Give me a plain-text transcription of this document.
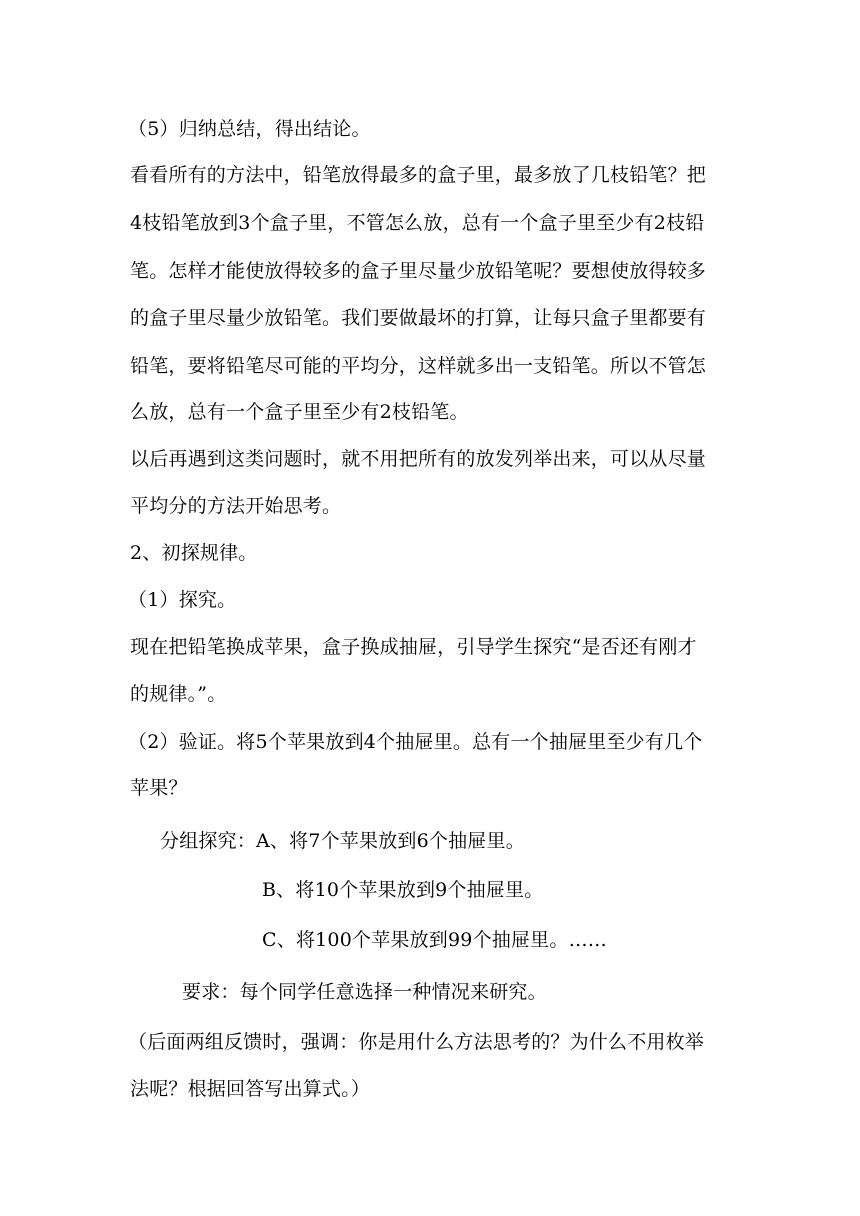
（5）归纳总结，得出结论。
看看所有的方法中，铅笔放得最多的盒子里，最多放了几枝铅笔？把
4枝铅笔放到3个盒子里，不管怎么放，总有一个盒子里至少有2枝铅
笔。怎样才能使放得较多的盒子里尽量少放铅笔呢？要想使放得较多
的盒子里尽量少放铅笔。我们要做最坏的打算，让每只盒子里都要有
铅笔，要将铅笔尽可能的平均分，这样就多出一支铅笔。所以不管怎
么放，总有一个盒子里至少有2枝铅笔。
以后再遇到这类问题时，就不用把所有的放发列举出来，可以从尽量
平均分的方法开始思考。
2、初探规律。
（1）探究。
现在把铅笔换成苹果，盒子换成抽屉，引导学生探究“是否还有刚才
的规律。”。
（2）验证。将5个苹果放到4个抽屉里。总有一个抽屉里至少有几个
苹果？
分组探究：A、将7个苹果放到6个抽屉里。
B、将10个苹果放到9个抽屉里。
C、将100个苹果放到99个抽屉里。……
要求：每个同学任意选择一种情况来研究。
（后面两组反馈时，强调：你是用什么方法思考的？为什么不用枚举
法呢？根据回答写出算式。）
